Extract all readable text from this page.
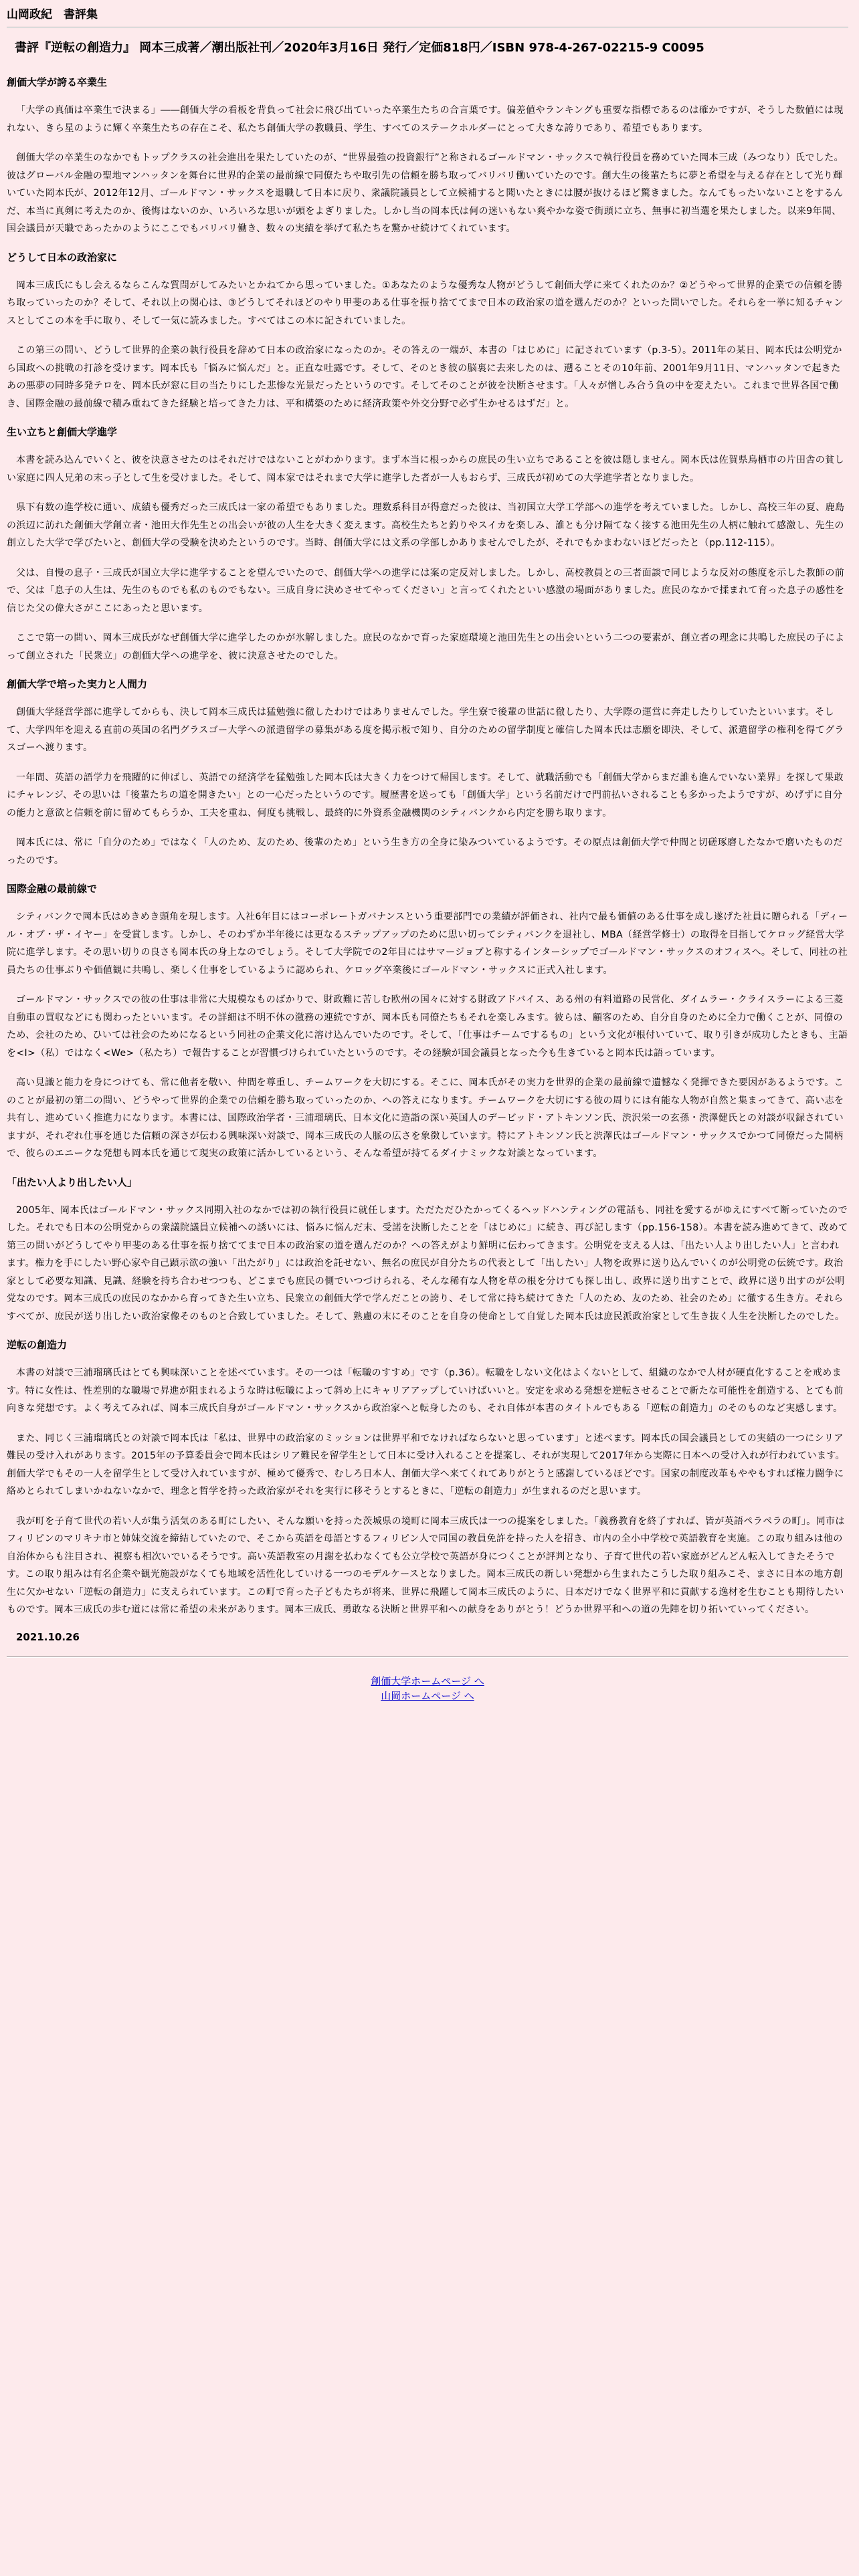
山岡政紀　書評集
書評『逆転の創造力』 岡本三成著／潮出版社刊／2020年3月16日 発行／定価818円／ISBN 978-4-267-02215-9 C0095
創価大学が誇る卒業生

「大学の真価は卒業生で決まる」――創価大学の看板を背負って社会に飛び出ていった卒業生たちの合言葉です。偏差値やランキングも重要な指標であるのは確かですが、そうした数値には現れない、きら星のように輝く卒業生たちの存在こそ、私たち創価大学の教職員、学生、すべてのステークホルダーにとって大きな誇りであり、希望でもあります。

創価大学の卒業生のなかでもトップクラスの社会進出を果たしていたのが、“世界最強の投資銀行”と称されるゴールドマン・サックスで執行役員を務めていた岡本三成（みつなり）氏でした。彼はグローバル金融の聖地マンハッタンを舞台に世界的企業の最前線で同僚たちや取引先の信頼を勝ち取ってバリバリ働いていたのです。創大生の後輩たちに夢と希望を与える存在として光り輝いていた岡本氏が、2012年12月、ゴールドマン・サックスを退職して日本に戻り、衆議院議員として立候補すると聞いたときには腰が抜けるほど驚きました。なんてもったいないことをするんだ、本当に真剣に考えたのか、後悔はないのか、いろいろな思いが頭をよぎりました。しかし当の岡本氏は何の迷いもない爽やかな姿で街頭に立ち、無事に初当選を果たしました。以来9年間、国会議員が天職であったかのようにここでもバリバリ働き、数々の実績を挙げて私たちを驚かせ続けてくれています。

どうして日本の政治家に

岡本三成氏にもし会えるならこんな質問がしてみたいとかねてから思っていました。①あなたのような優秀な人物がどうして創価大学に来てくれたのか？②どうやって世界的企業での信頼を勝ち取っていったのか？そして、それ以上の関心は、③どうしてそれほどのやり甲斐のある仕事を振り捨ててまで日本の政治家の道を選んだのか？といった問いでした。それらを一挙に知るチャンスとしてこの本を手に取り、そして一気に読みました。すべてはこの本に記されていました。

この第三の問い、どうして世界的企業の執行役員を辞めて日本の政治家になったのか。その答えの一端が、本書の「はじめに」に記されています（p.3-5）。2011年の某日、岡本氏は公明党から国政への挑戦の打診を受けます。岡本氏も「悩みに悩んだ」と。正直な吐露です。そして、そのとき彼の脳裏に去来したのは、遡ることその10年前、2001年9月11日、マンハッタンで起きたあの悪夢の同時多発テロを、岡本氏が窓に目の当たりにした悲惨な光景だったというのです。そしてそのことが彼を決断させます。「人々が憎しみ合う負の中を変えたい。これまで世界各国で働き、国際金融の最前線で積み重ねてきた経験と培ってきた力は、平和構築のために経済政策や外交分野で必ず生かせるはずだ」と。

生い立ちと創価大学進学

本書を読み込んでいくと、彼を決意させたのはそれだけではないことがわかります。まず本当に根っからの庶民の生い立ちであることを彼は隠しません。岡本氏は佐賀県鳥栖市の片田舎の貧しい家庭に四人兄弟の末っ子として生を受けました。そして、岡本家ではそれまで大学に進学した者が一人もおらず、三成氏が初めての大学進学者となりました。

県下有数の進学校に通い、成績も優秀だった三成氏は一家の希望でもありました。理数系科目が得意だった彼は、当初国立大学工学部への進学を考えていました。しかし、高校三年の夏、鹿島の浜辺に訪れた創価大学創立者・池田大作先生との出会いが彼の人生を大きく変えます。高校生たちと釣りやスイカを楽しみ、誰とも分け隔てなく接する池田先生の人柄に触れて感激し、先生の創立した大学で学びたいと、創価大学の受験を決めたというのです。当時、創価大学には文系の学部しかありませんでしたが、それでもかまわないほどだったと（pp.112-115）。

父は、自慢の息子・三成氏が国立大学に進学することを望んでいたので、創価大学への進学には案の定反対しました。しかし、高校教員との三者面談で同じような反対の態度を示した教師の前で、父は「息子の人生は、先生のものでも私のものでもない。三成自身に決めさせてやってください」と言ってくれたといい感激の場面がありました。庶民のなかで揉まれて育った息子の感性を信じた父の偉大さがここにあったと思います。

ここで第一の問い、岡本三成氏がなぜ創価大学に進学したのかが氷解しました。庶民のなかで育った家庭環境と池田先生との出会いという二つの要素が、創立者の理念に共鳴した庶民の子によって創立された「民衆立」の創価大学への進学を、彼に決意させたのでした。

創価大学で培った実力と人間力

創価大学経営学部に進学してからも、決して岡本三成氏は猛勉強に徹したわけではありませんでした。学生寮で後輩の世話に徹したり、大学際の運営に奔走したりしていたといいます。そして、大学四年を迎える直前の英国の名門グラスゴー大学への派遣留学の募集がある度を掲示板で知り、自分のための留学制度と確信した岡本氏は志願を即決、そして、派遣留学の権利を得てグラスゴーへ渡ります。

一年間、英語の語学力を飛躍的に伸ばし、英語での経済学を猛勉強した岡本氏は大きく力をつけて帰国します。そして、就職活動でも「創価大学からまだ誰も進んでいない業界」を探して果敢にチャレンジ、その思いは「後輩たちの道を開きたい」との一心だったというのです。履歴書を送っても「創価大学」という名前だけで門前払いされることも多かったようですが、めげずに自分の能力と意欲と信頼を前に留めてもらうか、工夫を重ね、何度も挑戦し、最終的に外資系金融機関のシティバンクから内定を勝ち取ります。

岡本氏には、常に「自分のため」ではなく「人のため、友のため、後輩のため」という生き方の全身に染みついているようです。その原点は創価大学で仲間と切磋琢磨したなかで磨いたものだったのです。

国際金融の最前線で

シティバンクで岡本氏はめきめき頭角を現します。入社6年目にはコーポレートガバナンスという重要部門での業績が評価され、社内で最も価値のある仕事を成し遂げた社員に贈られる「ディール・オブ・ザ・イヤー」を受賞します。しかし、そのわずか半年後には更なるステップアップのために思い切ってシティバンクを退社し、MBA（経営学修士）の取得を目指してケロッグ経営大学院に進学します。その思い切りの良さも岡本氏の身上なのでしょう。そして大学院での2年目にはサマージョブと称するインターシップでゴールドマン・サックスのオフィスへ。そして、同社の社員たちの仕事ぶりや価値観に共鳴し、楽しく仕事をしているように認められ、ケロッグ卒業後にゴールドマン・サックスに正式入社します。

ゴールドマン・サックスでの彼の仕事は非常に大規模なものばかりで、財政難に苦しむ欧州の国々に対する財政アドバイス、ある州の有料道路の民営化、ダイムラー・クライスラーによる三菱自動車の買収などにも関わったといいます。その詳細は不明不休の激務の連続ですが、岡本氏も同僚たちもそれを楽しみます。彼らは、顧客のため、自分自身のために全力で働くことが、同僚のため、会社のため、ひいては社会のためになるという同社の企業文化に溶け込んでいたのです。そして、「仕事はチームでするもの」という文化が根付いていて、取り引きが成功したときも、主語を<I>（私）ではなく<We>（私たち）で報告することが習慣づけられていたというのです。その経験が国会議員となった今も生きていると岡本氏は語っています。

高い見識と能力を身につけても、常に他者を敬い、仲間を尊重し、チームワークを大切にする。そこに、岡本氏がその実力を世界的企業の最前線で遺憾なく発揮できた要因があるようです。このことが最初の第二の問い、どうやって世界的企業での信頼を勝ち取っていったのか、への答えになります。チームワークを大切にする彼の周りには有能な人物が自然と集まってきて、高い志を共有し、進めていく推進力になります。本書には、国際政治学者・三浦瑠璃氏、日本文化に造詣の深い英国人のデービッド・アトキンソン氏、渋沢栄一の玄孫・渋澤健氏との対談が収録されていますが、それぞれ仕事を通じた信頼の深さが伝わる興味深い対談で、岡本三成氏の人脈の広さを象徴しています。特にアトキンソン氏と渋澤氏はゴールドマン・サックスでかつて同僚だった間柄で、彼らのエニークな発想も岡本氏を通じて現実の政策に活かしているという、そんな希望が持てるダイナミックな対談となっています。

「出たい人より出したい人」

2005年、岡本氏はゴールドマン・サックス同期入社のなかでは初の執行役員に就任します。ただただひたかってくるヘッドハンティングの電話も、同社を愛するがゆえにすべて断っていたのでした。それでも日本の公明党からの衆議院議員立候補への誘いには、悩みに悩んだ末、受諾を決断したことを「はじめに」に続き、再び記します（pp.156-158）。本書を読み進めてきて、改めて第三の問いがどうしてやり甲斐のある仕事を振り捨ててまで日本の政治家の道を選んだのか？への答えがより鮮明に伝わってきます。公明党を支える人は、「出たい人より出したい人」と言われます。権力を手にしたい野心家や自己顕示欲の強い「出たがり」には政治を託せない、無名の庶民が自分たちの代表として「出したい」人物を政界に送り込んでいくのが公明党の伝統です。政治家として必要な知識、見識、経験を持ち合わせつつも、どこまでも庶民の側でいつづけられる、そんな稀有な人物を草の根を分けても探し出し、政界に送り出すことで、政界に送り出すのが公明党なのです。岡本三成氏の庶民のなかから育ってきた生い立ち、民衆立の創価大学で学んだことの誇り、そして常に持ち続けてきた「人のため、友のため、社会のため」に徹する生き方。それらすべてが、庶民が送り出したい政治家像そのものと合致していました。そして、熟慮の末にそのことを自身の使命として自覚した岡本氏は庶民派政治家として生き抜く人生を決断したのでした。

逆転の創造力

本書の対談で三浦瑠璃氏はとても興味深いことを述べています。その一つは「転職のすすめ」です（p.36）。転職をしない文化はよくないとして、組織のなかで人材が硬直化することを戒めます。特に女性は、性差別的な職場で昇進が阻まれるような時は転職によって斜め上にキャリアアップしていけばいいと。安定を求める発想を逆転させることで新たな可能性を創造する、とても前向きな発想です。よく考えてみれば、岡本三成氏自身がゴールドマン・サックスから政治家へと転身したのも、それ自体が本書のタイトルでもある「逆転の創造力」のそのものなど実感します。

また、同じく三浦瑠璃氏との対談で岡本氏は「私は、世界中の政治家のミッションは世界平和でなければならないと思っています」と述べます。岡本氏の国会議員としての実績の一つにシリア難民の受け入れがあります。2015年の予算委員会で岡本氏はシリア難民を留学生として日本に受け入れることを提案し、それが実現して2017年から実際に日本への受け入れが行われています。創価大学でもその一人を留学生として受け入れていますが、極めて優秀で、むしろ日本人、創価大学へ来てくれてありがとうと感謝しているほどです。国家の制度改革もややもすれば権力闘争に絡めとられてしまいかねないなかで、理念と哲学を持った政治家がそれを実行に移そうとするときに、「逆転の創造力」が生まれるのだと思います。

我が町を子育て世代の若い人が集う活気のある町にしたい、そんな願いを持った茨城県の境町に岡本三成氏は一つの提案をしました。「義務教育を終了すれば、皆が英語ペラペラの町」。同市はフィリピンのマリキナ市と姉妹交流を締結していたので、そこから英語を母語とするフィリピン人で同国の教員免許を持った人を招き、市内の全小中学校で英語教育を実施。この取り組みは他の自治体からも注目され、視察も相次いでいるそうです。高い英語教室の月謝を払わなくても公立学校で英語が身につくことが評判となり、子育て世代の若い家庭がどんどん転入してきたそうです。この取り組みは有名企業や観光施設がなくても地域を活性化していける一つのモデルケースとなりました。岡本三成氏の新しい発想から生まれたこうした取り組みこそ、まさに日本の地方創生に欠かせない「逆転の創造力」に支えられています。この町で育った子どもたちが将来、世界に飛躍して岡本三成氏のように、日本だけでなく世界平和に貢献する逸材を生むことも期待したいものです。岡本三成氏の歩む道には常に希望の未来があります。岡本三成氏、勇敢なる決断と世界平和への献身をありがとう！どうか世界平和への道の先陣を切り拓いていってください。

2021.10.26
創価大学ホームページ へ
山岡ホームページ へ
